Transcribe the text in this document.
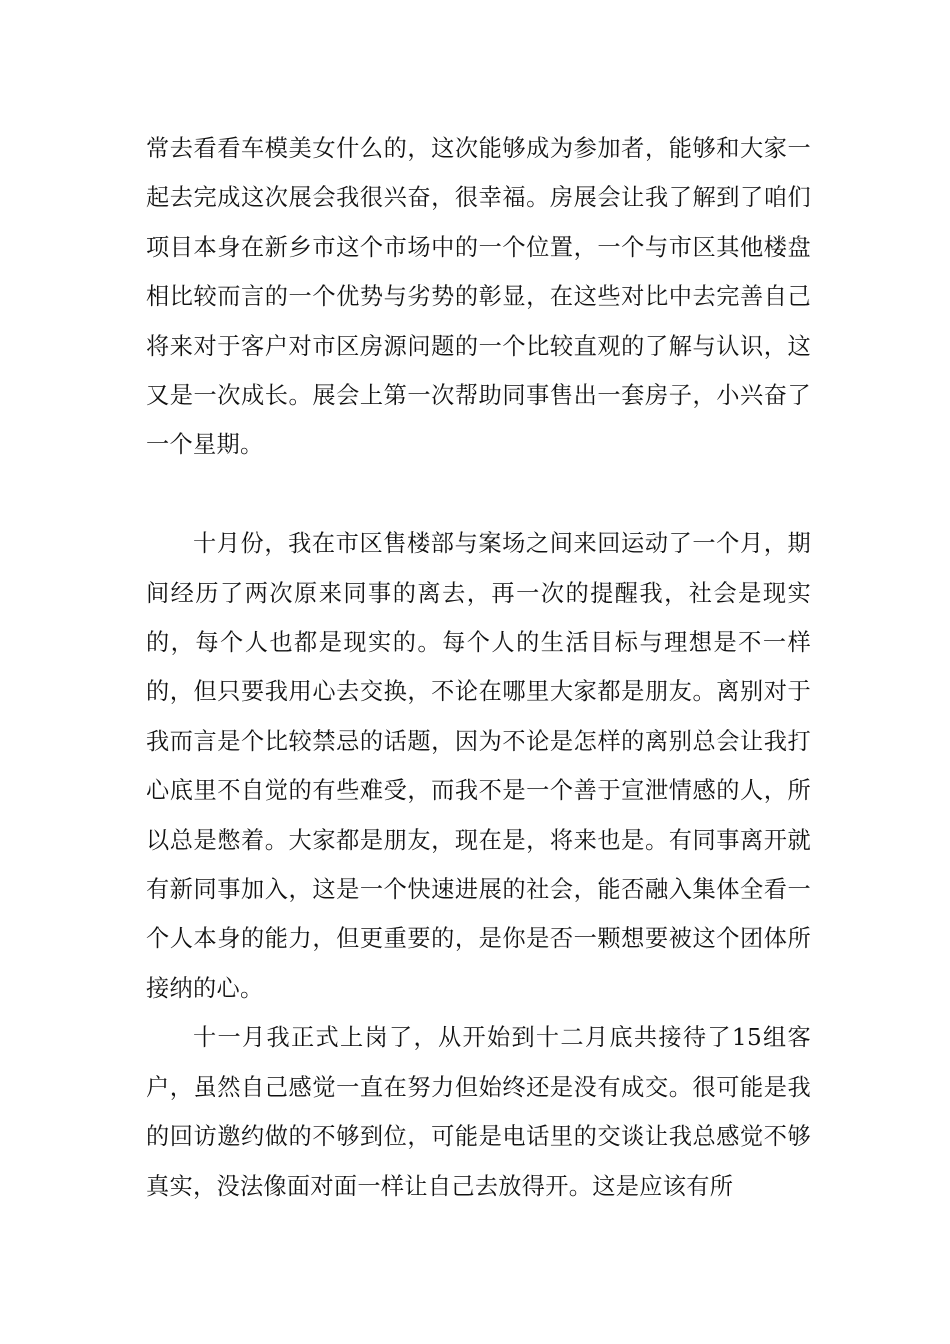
常去看看车模美女什么的，这次能够成为参加者，能够和大家一起去完成这次展会我很兴奋，很幸福。房展会让我了解到了咱们项目本身在新乡市这个市场中的一个位置，一个与市区其他楼盘相比较而言的一个优势与劣势的彰显，在这些对比中去完善自己将来对于客户对市区房源问题的一个比较直观的了解与认识，这又是一次成长。展会上第一次帮助同事售出一套房子，小兴奋了一个星期。

十月份，我在市区售楼部与案场之间来回运动了一个月，期间经历了两次原来同事的离去，再一次的提醒我，社会是现实的，每个人也都是现实的。每个人的生活目标与理想是不一样的，但只要我用心去交换，不论在哪里大家都是朋友。离别对于我而言是个比较禁忌的话题，因为不论是怎样的离别总会让我打心底里不自觉的有些难受，而我不是一个善于宣泄情感的人，所以总是憋着。大家都是朋友，现在是，将来也是。有同事离开就有新同事加入，这是一个快速进展的社会，能否融入集体全看一个人本身的能力，但更重要的，是你是否一颗想要被这个团体所接纳的心。

十一月我正式上岗了，从开始到十二月底共接待了15组客户，虽然自己感觉一直在努力但始终还是没有成交。很可能是我的回访邀约做的不够到位，可能是电话里的交谈让我总感觉不够真实，没法像面对面一样让自己去放得开。这是应该有所
